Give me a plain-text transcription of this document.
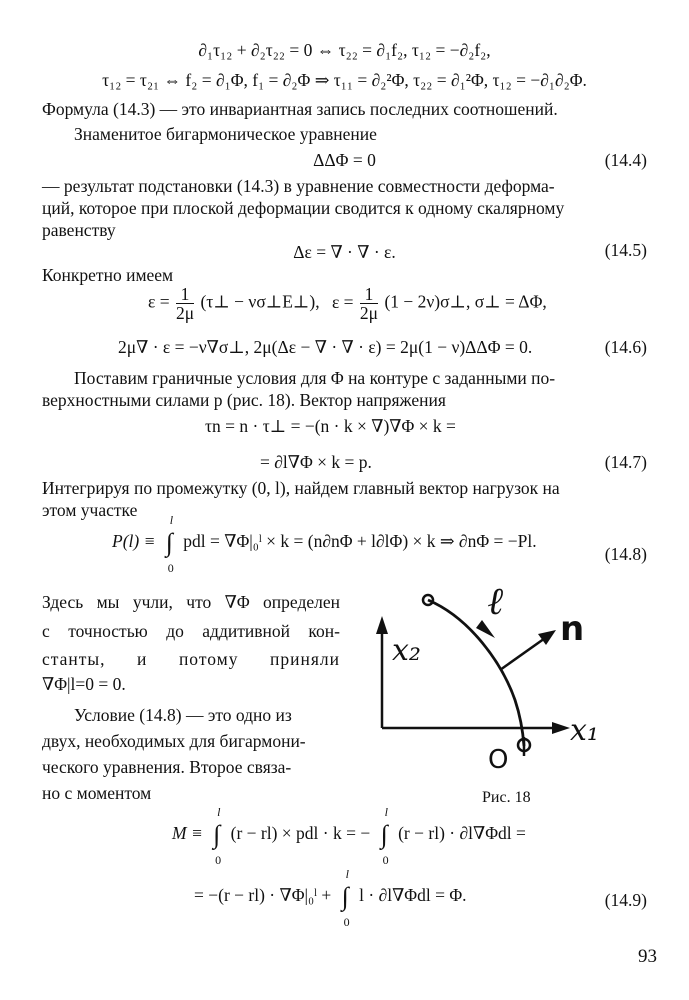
∂₁τ₁₂ + ∂₂τ₂₂ = 0 ⇔ τ₂₂ = ∂₁f₂, τ₁₂ = −∂₂f₂,
τ₁₂ = τ₂₁ ⇔ f₂ = ∂₁Φ, f₁ = ∂₂Φ ⇒ τ₁₁ = ∂₂²Φ, τ₂₂ = ∂₁²Φ, τ₁₂ = −∂₁∂₂Φ.
Формула (14.3) — это инвариантная запись последних соотношений.
Знаменитое бигармоническое уравнение
ΔΔΦ = 0	(14.4)
— результат подстановки (14.3) в уравнение совместности деформа-
ций, которое при плоской деформации сводится к одному скалярному
равенству
Δε = ∇ · ∇ · ε.	(14.5)
Конкретно имеем
$\varepsilon = \frac{1}{2\mu}$ (τ⊥ − νσ⊥E⊥), $\varepsilon = \frac{1}{2\mu} (1$ − 2ν)σ⊥, σ⊥ = ΔΦ,
2μ∇ · ε = −ν∇σ⊥, 2μ(Δε − ∇ · ∇ · ε) = 2μ(1 − ν)ΔΔΦ = 0.	(14.6)
Поставим граничные условия для Φ на контуре с заданными по-
верхностными силами p (рис. 18). Вектор напряжения
τn = n · τ⊥ = −(n · k × ∇)∇Φ × k =
= ∂l∇Φ × k = p.	(14.7)
Интегрируя по промежутку (0, l), найдем главный вектор нагрузок на
этом участке
P(l) ≡ ∫
l
0
pdl = ∇Φ|₀ˡ × k = (n∂nΦ + l∂lΦ) × k ⇒ ∂nΦ = −Pl.
(14.8)
Здесь мы учли, что ∇Φ определен
с точностью до аддитивной кон-
станты, и потому приняли
∇Φ|l=0 = 0.
Условие (14.8) — это одно из
двух, необходимых для бигармони-
ческого уравнения. Второе связа-
но с моментом
ℓ
n
x₂
x₁
O
Рис. 18
M ≡ ∫
l
0
(r − rl) × pdl · k = − ∫
l
0
(r − rl) · ∂l∇Φdl =
= −(r − rl) · ∇Φ|₀ˡ + ∫
l
0
l · ∂l∇Φdl = Φ.	(14.9)
93
